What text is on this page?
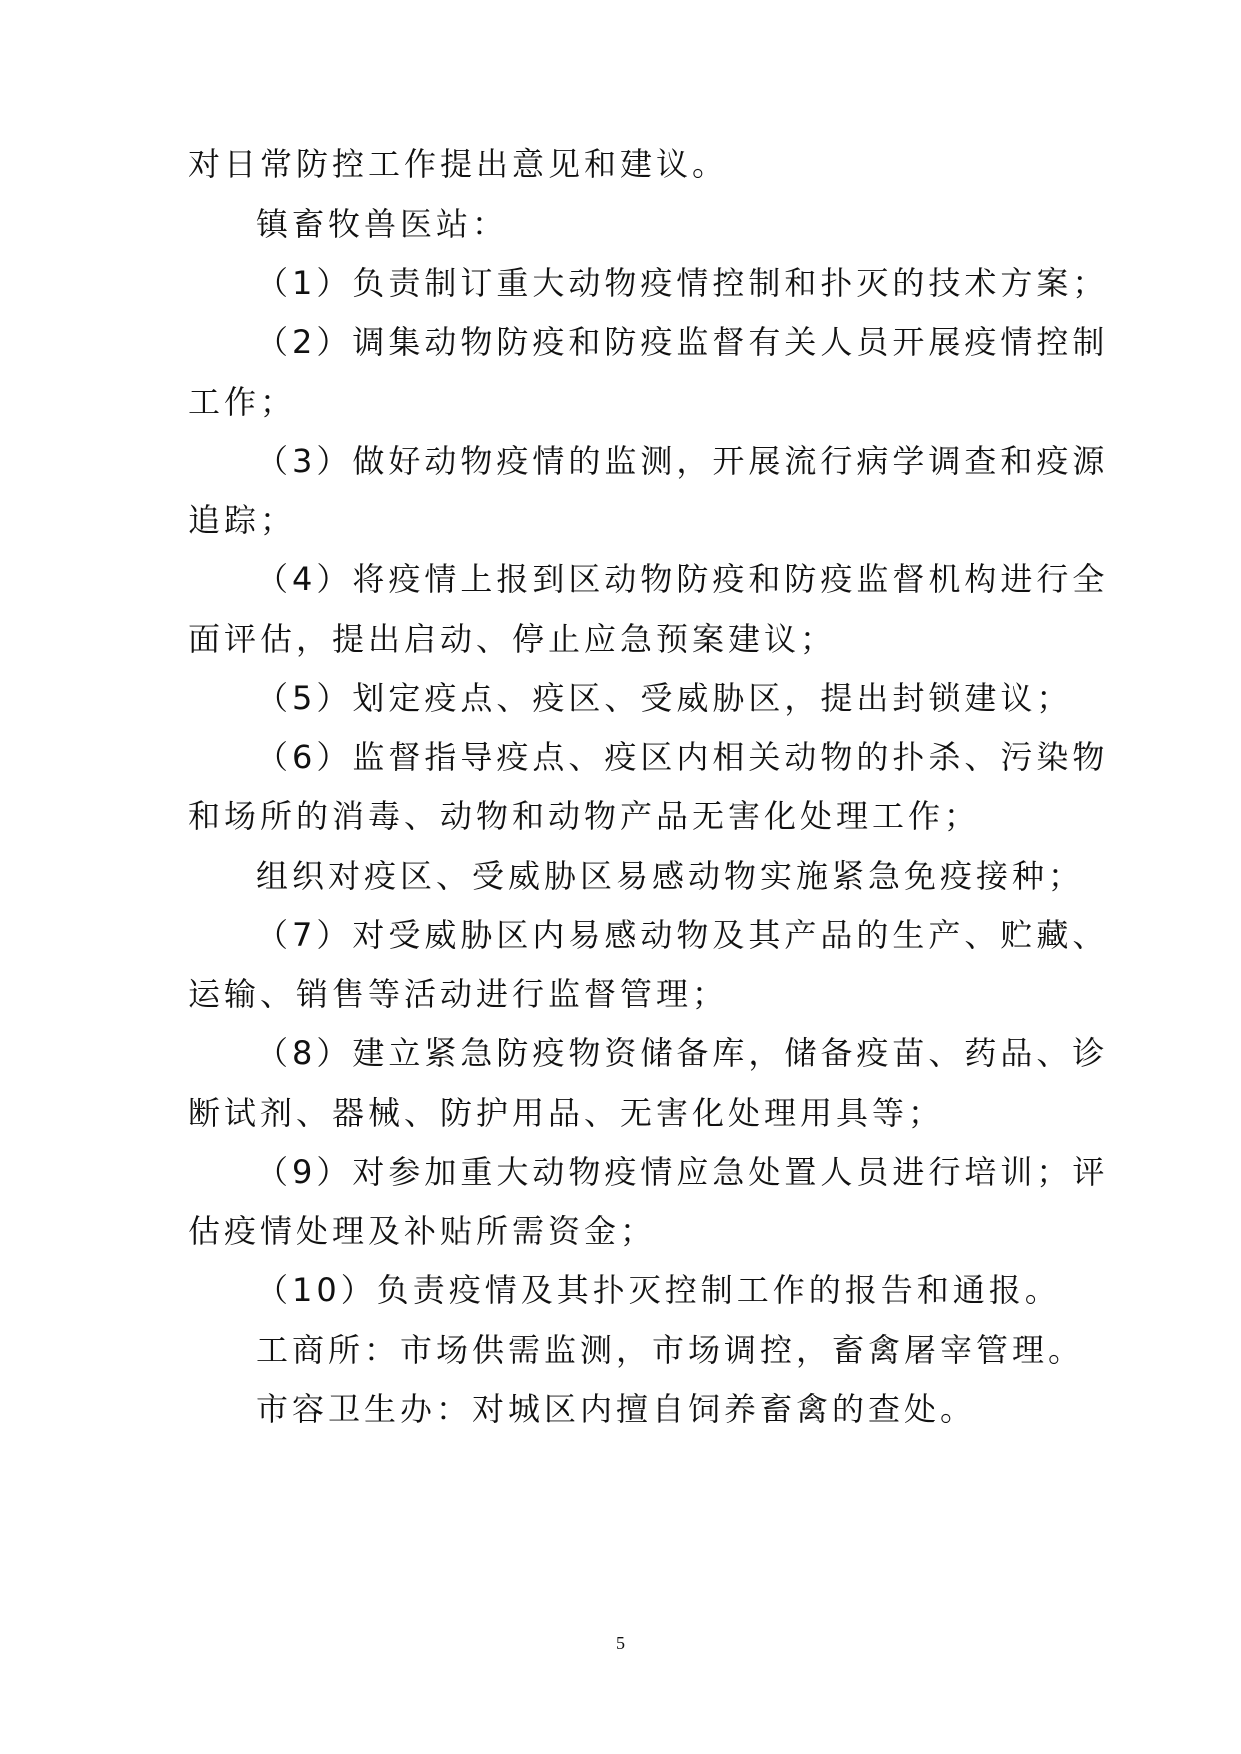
对日常防控工作提出意见和建议。
镇畜牧兽医站：
（1）负责制订重大动物疫情控制和扑灭的技术方案；
（2）调集动物防疫和防疫监督有关人员开展疫情控制
工作；
（3）做好动物疫情的监测，开展流行病学调查和疫源
追踪；
（4）将疫情上报到区动物防疫和防疫监督机构进行全
面评估，提出启动、停止应急预案建议；
（5）划定疫点、疫区、受威胁区，提出封锁建议；
（6）监督指导疫点、疫区内相关动物的扑杀、污染物
和场所的消毒、动物和动物产品无害化处理工作；
组织对疫区、受威胁区易感动物实施紧急免疫接种；
（7）对受威胁区内易感动物及其产品的生产、贮藏、
运输、销售等活动进行监督管理；
（8）建立紧急防疫物资储备库，储备疫苗、药品、诊
断试剂、器械、防护用品、无害化处理用具等；
（9）对参加重大动物疫情应急处置人员进行培训；评
估疫情处理及补贴所需资金；
（10）负责疫情及其扑灭控制工作的报告和通报。
工商所：市场供需监测，市场调控，畜禽屠宰管理。
市容卫生办：对城区内擅自饲养畜禽的查处。
5
